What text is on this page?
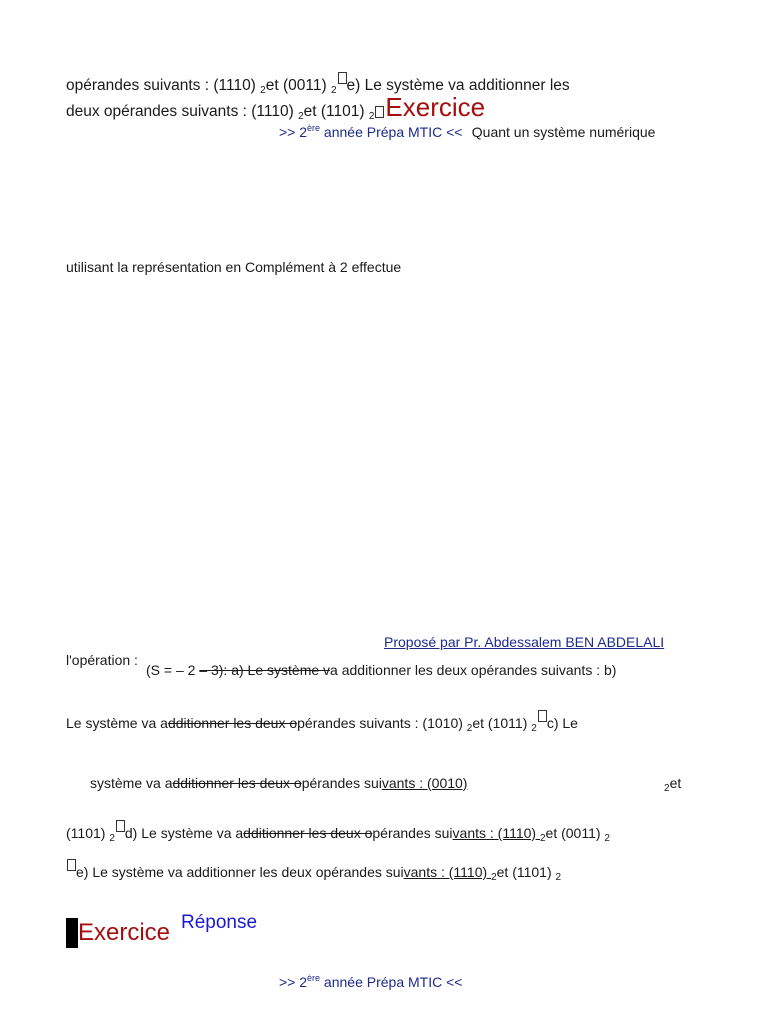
opérandes suivants : (1110) 2et (0011) 2 e) Le système va additionner les
deux opérandes suivants : (1110) 2et (1101) 2 Exercice
>> 2ère année Prépa MTIC << Quant un système numérique
utilisant la représentation en Complément à 2 effectue
Proposé par Pr. Abdessalem BEN ABDELALI
l'opération :
(S = – 2 – 3): a) Le système va additionner les deux opérandes suivants : b)
Le système va additionner les deux opérandes suivants : (1010) $_2$et (1011) $_2$ c) Le
système va additionner les deux opérandes suivants : (0010)	$_2$et
(1101) $_2$ d) Le système va additionner les deux opérandes suivants : (1110) $_2$et (0011) $_2$
e) Le système va additionner les deux opérandes suivants : (1110) $_2$et (1101) $_2$
Exercice Réponse
>> 2ère année Prépa MTIC <<
